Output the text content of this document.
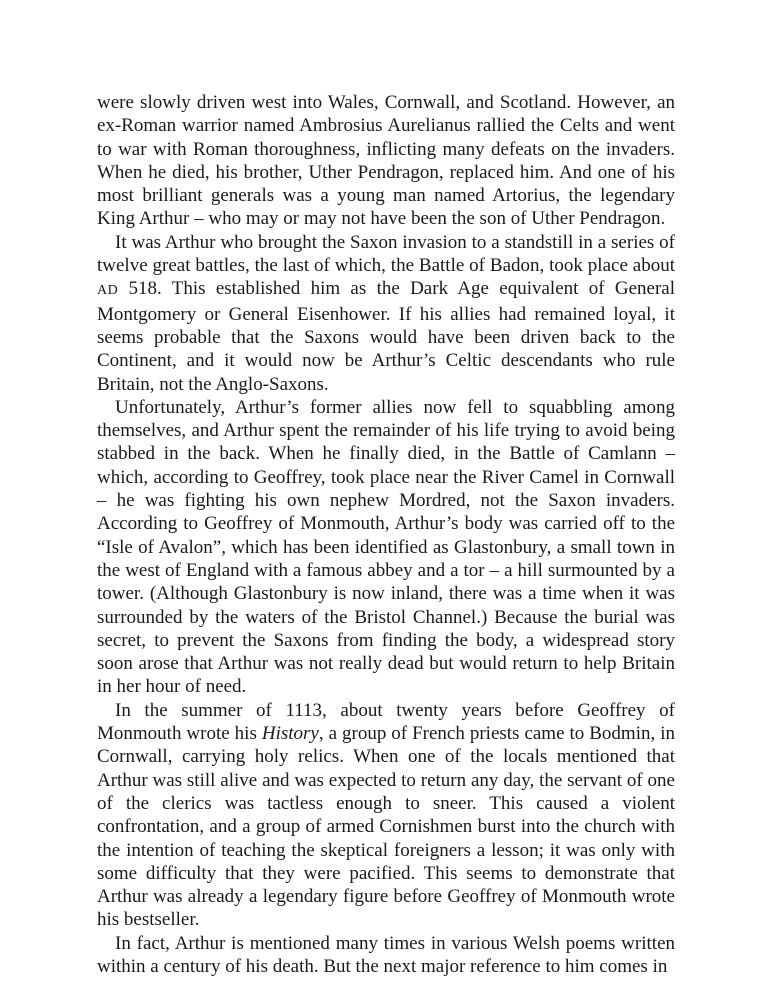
were slowly driven west into Wales, Cornwall, and Scotland. However, an ex-Roman warrior named Ambrosius Aurelianus rallied the Celts and went to war with Roman thoroughness, inflicting many defeats on the invaders. When he died, his brother, Uther Pendragon, replaced him. And one of his most brilliant generals was a young man named Artorius, the legendary King Arthur – who may or may not have been the son of Uther Pendragon.

It was Arthur who brought the Saxon invasion to a standstill in a series of twelve great battles, the last of which, the Battle of Badon, took place about AD 518. This established him as the Dark Age equivalent of General Montgomery or General Eisenhower. If his allies had remained loyal, it seems probable that the Saxons would have been driven back to the Continent, and it would now be Arthur’s Celtic descendants who rule Britain, not the Anglo-Saxons.

Unfortunately, Arthur’s former allies now fell to squabbling among themselves, and Arthur spent the remainder of his life trying to avoid being stabbed in the back. When he finally died, in the Battle of Camlann – which, according to Geoffrey, took place near the River Camel in Cornwall – he was fighting his own nephew Mordred, not the Saxon invaders. According to Geoffrey of Monmouth, Arthur’s body was carried off to the “Isle of Avalon”, which has been identified as Glastonbury, a small town in the west of England with a famous abbey and a tor – a hill surmounted by a tower. (Although Glastonbury is now inland, there was a time when it was surrounded by the waters of the Bristol Channel.) Because the burial was secret, to prevent the Saxons from finding the body, a widespread story soon arose that Arthur was not really dead but would return to help Britain in her hour of need.

In the summer of 1113, about twenty years before Geoffrey of Monmouth wrote his History, a group of French priests came to Bodmin, in Cornwall, carrying holy relics. When one of the locals mentioned that Arthur was still alive and was expected to return any day, the servant of one of the clerics was tactless enough to sneer. This caused a violent confrontation, and a group of armed Cornishmen burst into the church with the intention of teaching the skeptical foreigners a lesson; it was only with some difficulty that they were pacified. This seems to demonstrate that Arthur was already a legendary figure before Geoffrey of Monmouth wrote his bestseller.

In fact, Arthur is mentioned many times in various Welsh poems written within a century of his death. But the next major reference to him comes in
